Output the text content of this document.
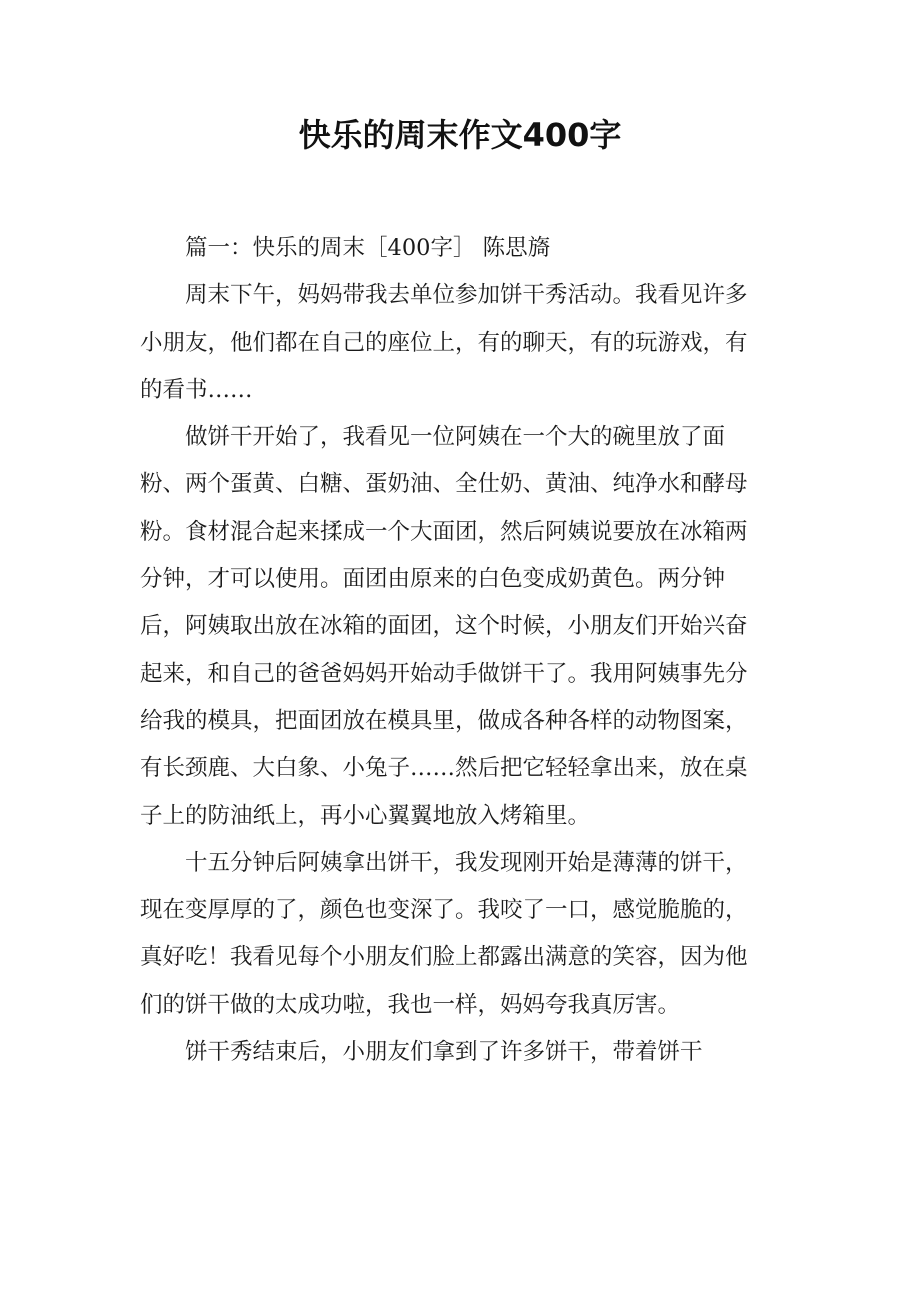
快乐的周末作文400字

篇一：快乐的周末［400字］ 陈思旖

周末下午，妈妈带我去单位参加饼干秀活动。我看见许多小朋友，他们都在自己的座位上，有的聊天，有的玩游戏，有的看书……

做饼干开始了，我看见一位阿姨在一个大的碗里放了面粉、两个蛋黄、白糖、蛋奶油、全仕奶、黄油、纯净水和酵母粉。食材混合起来揉成一个大面团，然后阿姨说要放在冰箱两分钟，才可以使用。面团由原来的白色变成奶黄色。两分钟后，阿姨取出放在冰箱的面团，这个时候，小朋友们开始兴奋起来，和自己的爸爸妈妈开始动手做饼干了。我用阿姨事先分给我的模具，把面团放在模具里，做成各种各样的动物图案，有长颈鹿、大白象、小兔子……然后把它轻轻拿出来，放在桌子上的防油纸上，再小心翼翼地放入烤箱里。

十五分钟后阿姨拿出饼干，我发现刚开始是薄薄的饼干，现在变厚厚的了，颜色也变深了。我咬了一口，感觉脆脆的，真好吃！我看见每个小朋友们脸上都露出满意的笑容，因为他们的饼干做的太成功啦，我也一样，妈妈夸我真厉害。

饼干秀结束后，小朋友们拿到了许多饼干，带着饼干
